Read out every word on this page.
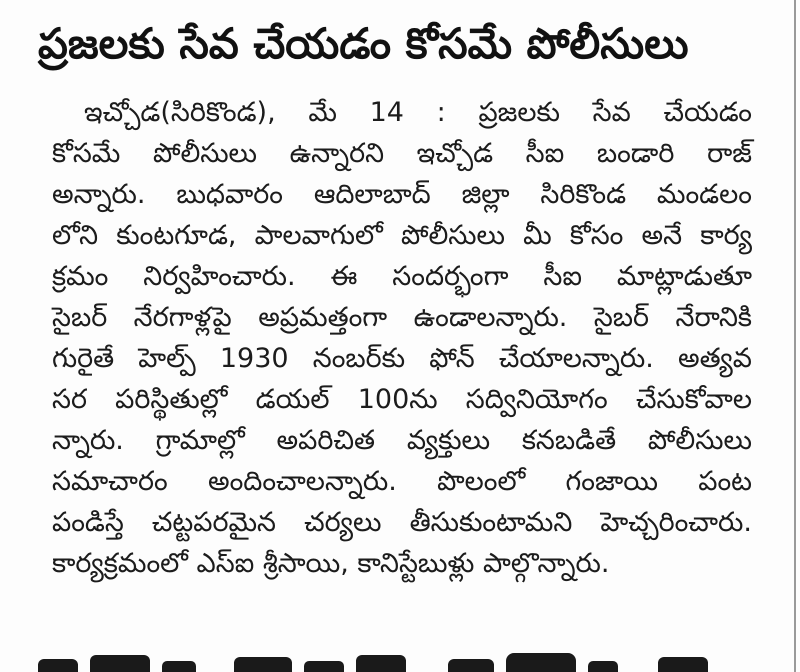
ప్రజలకు సేవ చేయడం కోసమే పోలీసులు
ఇచ్చోడ(సిరికొండ), మే 14 : ప్రజలకు సేవ చేయడం
కోసమే పోలీసులు ఉన్నారని ఇచ్చోడ సీఐ బండారి రాజ్
అన్నారు. బుధవారం ఆదిలాబాద్ జిల్లా సిరికొండ మండలం
లోని కుంటగూడ, పాలవాగులో పోలీసులు మీ కోసం అనే కార్య
క్రమం నిర్వహించారు. ఈ సందర్భంగా సీఐ మాట్లాడుతూ
సైబర్ నేరగాళ్లపై అప్రమత్తంగా ఉండాలన్నారు. సైబర్ నేరానికి
గురైతే హెల్ప్ 1930 నంబర్‌కు ఫోన్ చేయాలన్నారు. అత్యవ
సర పరిస్థితుల్లో డయల్ 100ను సద్వినియోగం చేసుకోవాల
న్నారు. గ్రామాల్లో అపరిచిత వ్యక్తులు కనబడితే పోలీసులు
సమాచారం అందించాలన్నారు. పొలంలో గంజాయి పంట
పండిస్తే చట్టపరమైన చర్యలు తీసుకుంటామని హెచ్చరించారు.
కార్యక్రమంలో ఎస్ఐ శ్రీసాయి, కానిస్టేబుళ్లు పాల్గొన్నారు.
